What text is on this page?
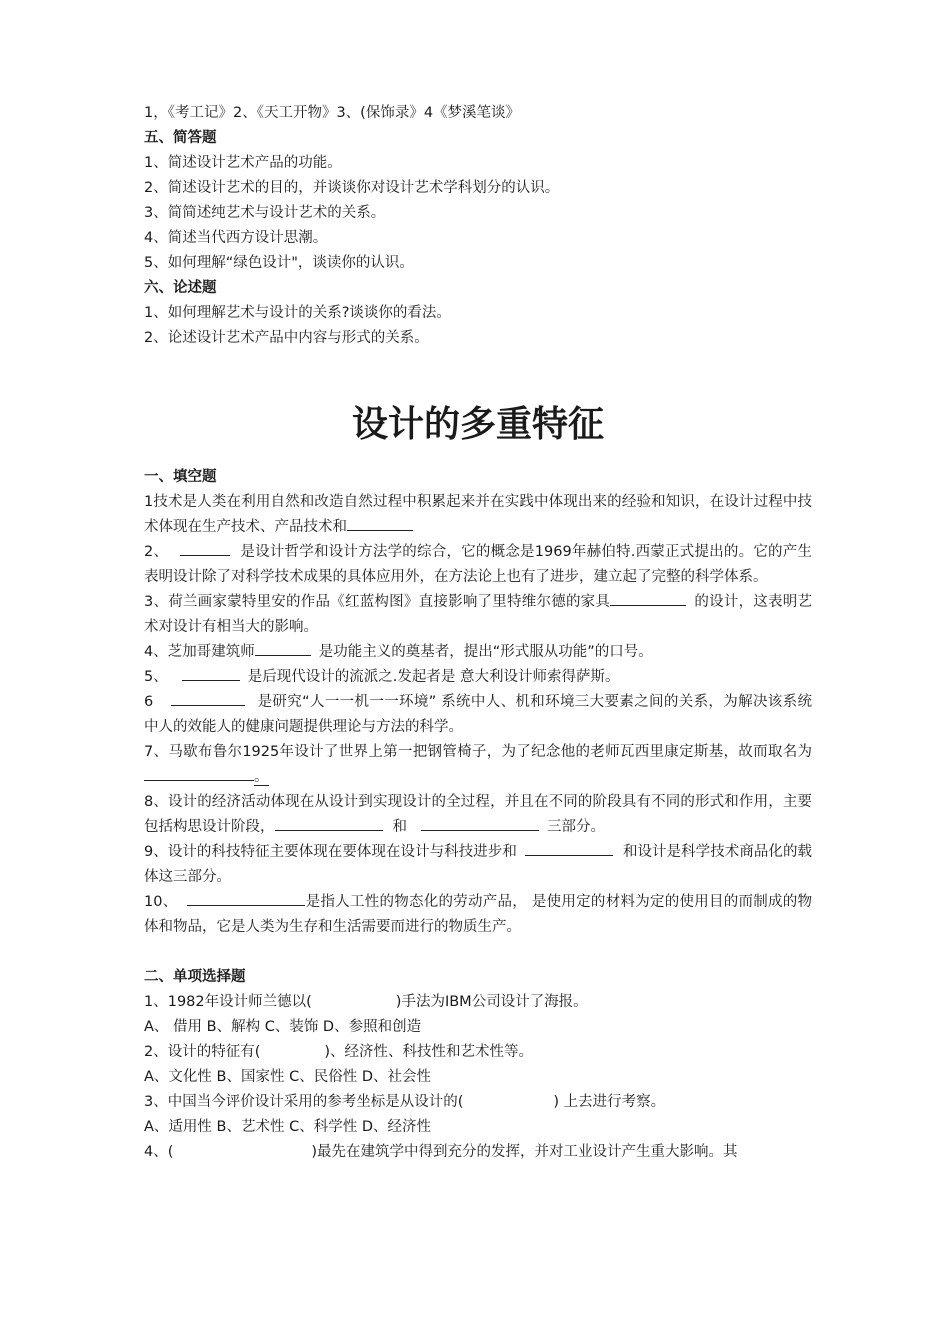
1，《考工记》2、《天工开物》3、(保饰录》4《梦溪笔谈》
五、简答题
1、简述设计艺术产品的功能。
2、简述设计艺术的目的，并谈谈你对设计艺术学科划分的认识。
3、简简述纯艺术与设计艺术的关系。
4、简述当代西方设计思潮。
5、如何理解“绿色设计"，谈读你的认识。
六、论述题
1、如何理解艺术与设计的关系?谈谈你的看法。
2、论述设计艺术产品中内容与形式的关系。
设计的多重特征
一、填空题
1技术是人类在利用自然和改造自然过程中积累起来并在实践中体现出来的经验和知识，在设计过程中技术体现在生产技术、产品技术和
2、	是设计哲学和设计方法学的综合，它的概念是1969年赫伯特.西蒙正式提出的。它的产生表明设计除了对科学技术成果的具体应用外，在方法论上也有了进步，建立起了完整的科学体系。
3、荷兰画家蒙特里安的作品《红蓝构图》直接影响了里特维尔德的家具	的设计，这表明艺术对设计有相当大的影响。
4、芝加哥建筑师	是功能主义的奠基者，提出“形式服从功能”的口号。
5、	是后现代设计的流派之.发起者是 意大利设计师索得萨斯。
6	是研究“人一一机一一环境” 系统中人、机和环境三大要素之间的关系，为解决该系统中人的效能人的健康问题提供理论与方法的科学。
7、马歇布鲁尔1925年设计了世界上第一把钢管椅子，为了纪念他的老师瓦西里康定斯基，故而取名为。
8、设计的经济活动体现在从设计到实现设计的全过程，并且在不同的阶段具有不同的形式和作用，主要包括构思设计阶段，	和	三部分。
9、设计的科技特征主要体现在要体现在设计与科技进步和	和设计是科学技术商品化的载体这三部分。
10、	是指人工性的物态化的劳动产品， 是使用定的材料为定的使用目的而制成的物体和物品，它是人类为生存和生活需要而进行的物质生产。
二、单项选择题
1、1982年设计师兰德以(	)手法为IBM公司设计了海报。
A、 借用 B、解构 C、装饰 D、参照和创造
2、设计的特征有(	)、经济性、科技性和艺术性等。
A、文化性 B、国家性 C、民俗性 D、社会性
3、中国当今评价设计采用的参考坐标是从设计的(	) 上去进行考察。
A、适用性 B、艺术性 C、科学性 D、经济性
4、(	)最先在建筑学中得到充分的发挥，并对工业设计产生重大影响。其
